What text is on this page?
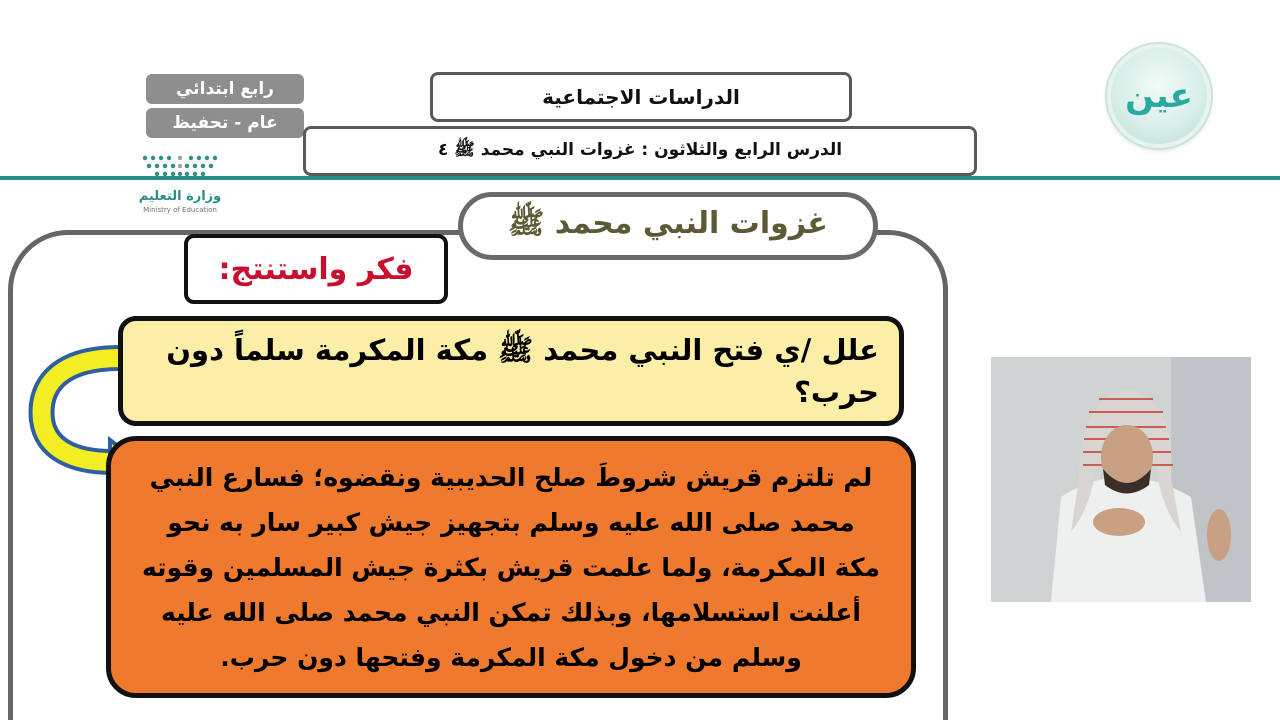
عين
رابع ابتدائي
عام - تحفيظ
وزارة التعليم
Ministry of Education
الدراسات الاجتماعية
الدرس الرابع والثلاثون : غزوات النبي محمد ﷺ ٤
غزوات النبي محمد ﷺ
فكر واستنتج:
علل /ي فتح النبي محمد ﷺ مكة المكرمة سلماً دون حرب؟

لم تلتزم قريش شروطَ صلح الحديبية ونقضوه؛ فسارع النبي محمد صلى الله عليه وسلم بتجهيز جيش كبير سار به نحو مكة المكرمة، ولما علمت قريش بكثرة جيش المسلمين وقوته أعلنت استسلامها، وبذلك تمكن النبي محمد صلى الله عليه وسلم من دخول مكة المكرمة وفتحها دون حرب.
